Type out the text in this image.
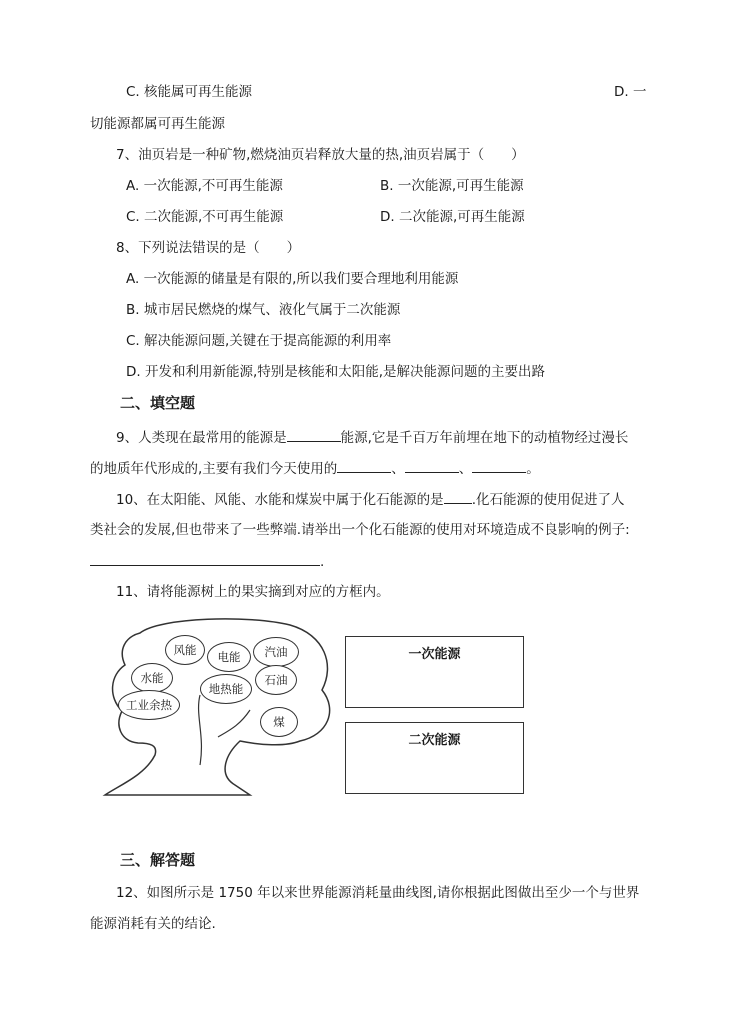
C. 核能属可再生能源	D. 一
切能源都属可再生能源
7、油页岩是一种矿物,燃烧油页岩释放大量的热,油页岩属于（　　）
A. 一次能源,不可再生能源	B. 一次能源,可再生能源
C. 二次能源,不可再生能源	D. 二次能源,可再生能源
8、下列说法错误的是（　　）
A. 一次能源的储量是有限的,所以我们要合理地利用能源
B. 城市居民燃烧的煤气、液化气属于二次能源
C. 解决能源问题,关键在于提高能源的利用率
D. 开发和利用新能源,特别是核能和太阳能,是解决能源问题的主要出路
二、填空题
9、人类现在最常用的能源是	能源,它是千百万年前埋在地下的动植物经过漫长
的地质年代形成的,主要有我们今天使用的	、	、	。
10、在太阳能、风能、水能和煤炭中属于化石能源的是 .化石能源的使用促进了人
类社会的发展,但也带来了一些弊端.请举出一个化石能源的使用对环境造成不良影响的例子:
.
11、请将能源树上的果实摘到对应的方框内。
风能 电能 汽油
水能
地热能
石油
工业余热
煤
一次能源
二次能源
三、解答题
12、如图所示是 1750 年以来世界能源消耗量曲线图,请你根据此图做出至少一个与世界
能源消耗有关的结论.
